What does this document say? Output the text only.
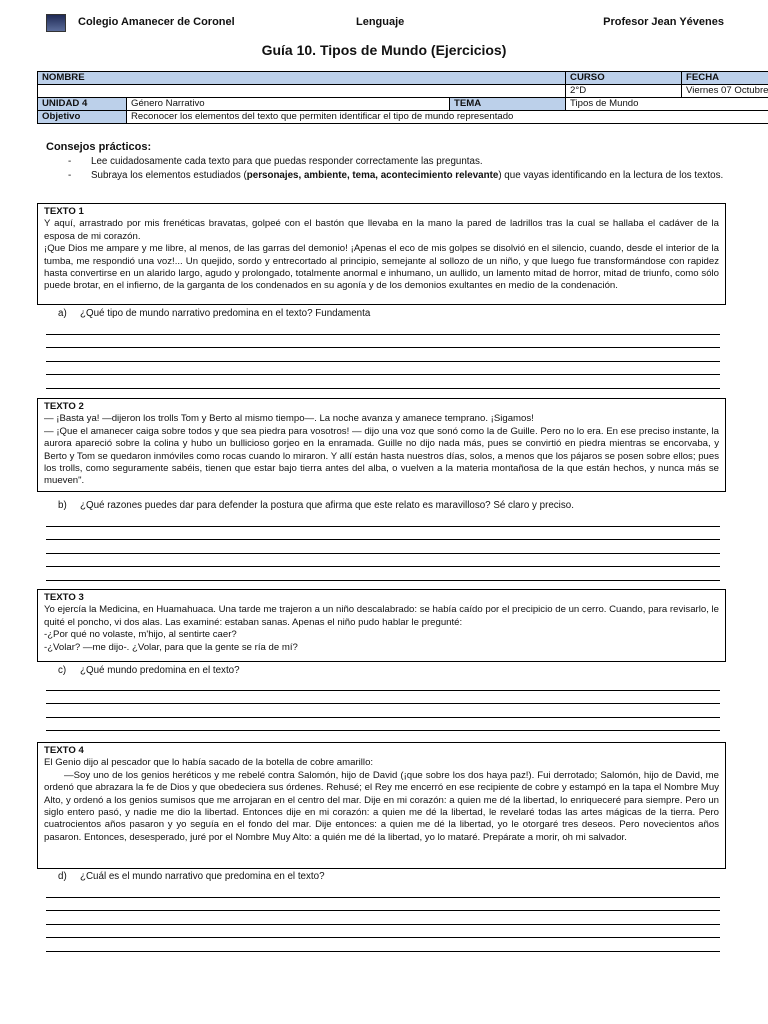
Colegio Amanecer de Coronel	Lenguaje	Profesor Jean Yévenes
Guía 10. Tipos de Mundo (Ejercicios)
NOMBRE			CURSO	FECHA
			2°D	Viernes 07 Octubre
UNIDAD 4	Género Narrativo	TEMA	Tipos de Mundo	
Objetivo	Reconocer los elementos del texto que permiten identificar el tipo de mundo representado			
Consejos prácticos:
- Lee cuidadosamente cada texto para que puedas responder correctamente las preguntas.
- Subraya los elementos estudiados (personajes, ambiente, tema, acontecimiento relevante) que vayas identificando en la lectura de los textos.
TEXTO 1

Y aquí, arrastrado por mis frenéticas bravatas, golpeé con el bastón que llevaba en la mano la pared de ladrillos tras la cual se hallaba el cadáver de la esposa de mi corazón.

¡Que Dios me ampare y me libre, al menos, de las garras del demonio! ¡Apenas el eco de mis golpes se disolvió en el silencio, cuando, desde el interior de la tumba, me respondió una voz!... Un quejido, sordo y entrecortado al principio, semejante al sollozo de un niño, y que luego fue transformándose con rapidez hasta convertirse en un alarido largo, agudo y prolongado, totalmente anormal e inhumano, un aullido, un lamento mitad de horror, mitad de triunfo, como sólo puede brotar, en el infierno, de la garganta de los condenados en su agonía y de los demonios exultantes en medio de la condenación.

a) ¿Qué tipo de mundo narrativo predomina en el texto? Fundamenta
TEXTO 2

— ¡Basta ya! —dijeron los trolls Tom y Berto al mismo tiempo—. La noche avanza y amanece temprano. ¡Sigamos!

— ¡Que el amanecer caiga sobre todos y que sea piedra para vosotros! — dijo una voz que sonó como la de Guille. Pero no lo era. En ese preciso instante, la aurora apareció sobre la colina y hubo un bullicioso gorjeo en la enramada. Guille no dijo nada más, pues se convirtió en piedra mientras se encorvaba, y Berto y Tom se quedaron inmóviles como rocas cuando lo miraron. Y allí están hasta nuestros días, solos, a menos que los pájaros se posen sobre ellos; pues los trolls, como seguramente sabéis, tienen que estar bajo tierra antes del alba, o vuelven a la materia montañosa de la que están hechos, y nunca más se mueven".

b) ¿Qué razones puedes dar para defender la postura que afirma que este relato es maravilloso? Sé claro y preciso.
TEXTO 3

Yo ejercía la Medicina, en Huamahuaca. Una tarde me trajeron a un niño descalabrado: se había caído por el precipicio de un cerro. Cuando, para revisarlo, le quité el poncho, vi dos alas. Las examiné: estaban sanas. Apenas el niño pudo hablar le pregunté:

-¿Por qué no volaste, m'hijo, al sentirte caer?

-¿Volar? —me dijo-. ¿Volar, para que la gente se ría de mí?

c) ¿Qué mundo predomina en el texto?
TEXTO 4

El Genio dijo al pescador que lo había sacado de la botella de cobre amarillo:

—Soy uno de los genios heréticos y me rebelé contra Salomón, hijo de David (¡que sobre los dos haya paz!). Fui derrotado; Salomón, hijo de David, me ordenó que abrazara la fe de Dios y que obedeciera sus órdenes. Rehusé; el Rey me encerró en ese recipiente de cobre y estampó en la tapa el Nombre Muy Alto, y ordenó a los genios sumisos que me arrojaran en el centro del mar. Dije en mi corazón: a quien me dé la libertad, lo enriqueceré para siempre. Pero un siglo entero pasó, y nadie me dio la libertad. Entonces dije en mi corazón: a quien me dé la libertad, le revelaré todas las artes mágicas de la tierra. Pero cuatrocientos años pasaron y yo seguía en el fondo del mar. Dije entonces: a quien me dé la libertad, yo le otorgaré tres deseos. Pero novecientos años pasaron. Entonces, desesperado, juré por el Nombre Muy Alto: a quién me dé la libertad, yo lo mataré. Prepárate a morir, oh mi salvador.

d) ¿Cuál es el mundo narrativo que predomina en el texto?
